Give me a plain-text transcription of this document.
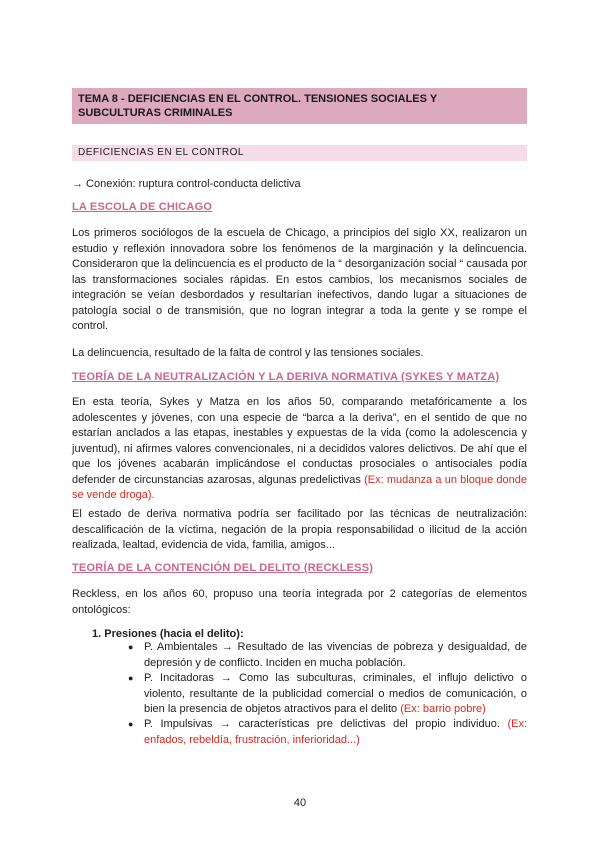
TEMA 8 - DEFICIENCIAS EN EL CONTROL. TENSIONES SOCIALES Y SUBCULTURAS CRIMINALES
DEFICIENCIAS EN EL CONTROL
→ Conexión: ruptura control-conducta delictiva
LA ESCOLA DE CHICAGO

Los primeros sociólogos de la escuela de Chicago, a principios del siglo XX, realizaron un estudio y reflexión innovadora sobre los fenómenos de la marginación y la delincuencia. Consideraron que la delincuencia es el producto de la “ desorganización social “ causada por las transformaciones sociales rápidas. En estos cambios, los mecanismos sociales de integración se veían desbordados y resultarían inefectivos, dando lugar a situaciones de patología social o de transmisión, que no logran integrar a toda la gente y se rompe el control.

La delincuencia, resultado de la falta de control y las tensiones sociales.

TEORÍA DE LA NEUTRALIZACIÓN Y LA DERIVA NORMATIVA (SYKES Y MATZA)

En esta teoría, Sykes y Matza en los años 50, comparando metafóricamente a los adolescentes y jóvenes, con una especie de “barca a la deriva”, en el sentido de que no estarían anclados a las etapas, inestables y expuestas de la vida (como la adolescencia y juventud), ni afirmes valores convencionales, ni a decididos valores delictivos. De ahí que el que los jóvenes acabarán implicándose el conductas prosociales o antisociales podía defender de circunstancias azarosas, algunas predelictivas (Ex: mudanza a un bloque donde se vende droga).

El estado de deriva normativa podría ser facilitado por las técnicas de neutralización: descalificación de la víctima, negación de la propia responsabilidad o ilicitud de la acción realizada, lealtad, evidencia de vida, familia, amigos...

TEORÍA DE LA CONTENCIÓN DEL DELITO (RECKLESS)

Reckless, en los años 60, propuso una teoría integrada por 2 categorías de elementos ontológicos:

1. Presiones (hacia el delito):
● P. Ambientales → Resultado de las vivencias de pobreza y desigualdad, de depresión y de conflicto. Inciden en mucha población.
● P. Incitadoras → Como las subculturas, criminales, el influjo delictivo o violento, resultante de la publicidad comercial o medios de comunicación, o bien la presencia de objetos atractivos para el delito (Ex: barrio pobre)
● P. Impulsivas → características pre delictivas del propio individuo. (Ex: enfados, rebeldía, frustración, inferioridad...)
40
